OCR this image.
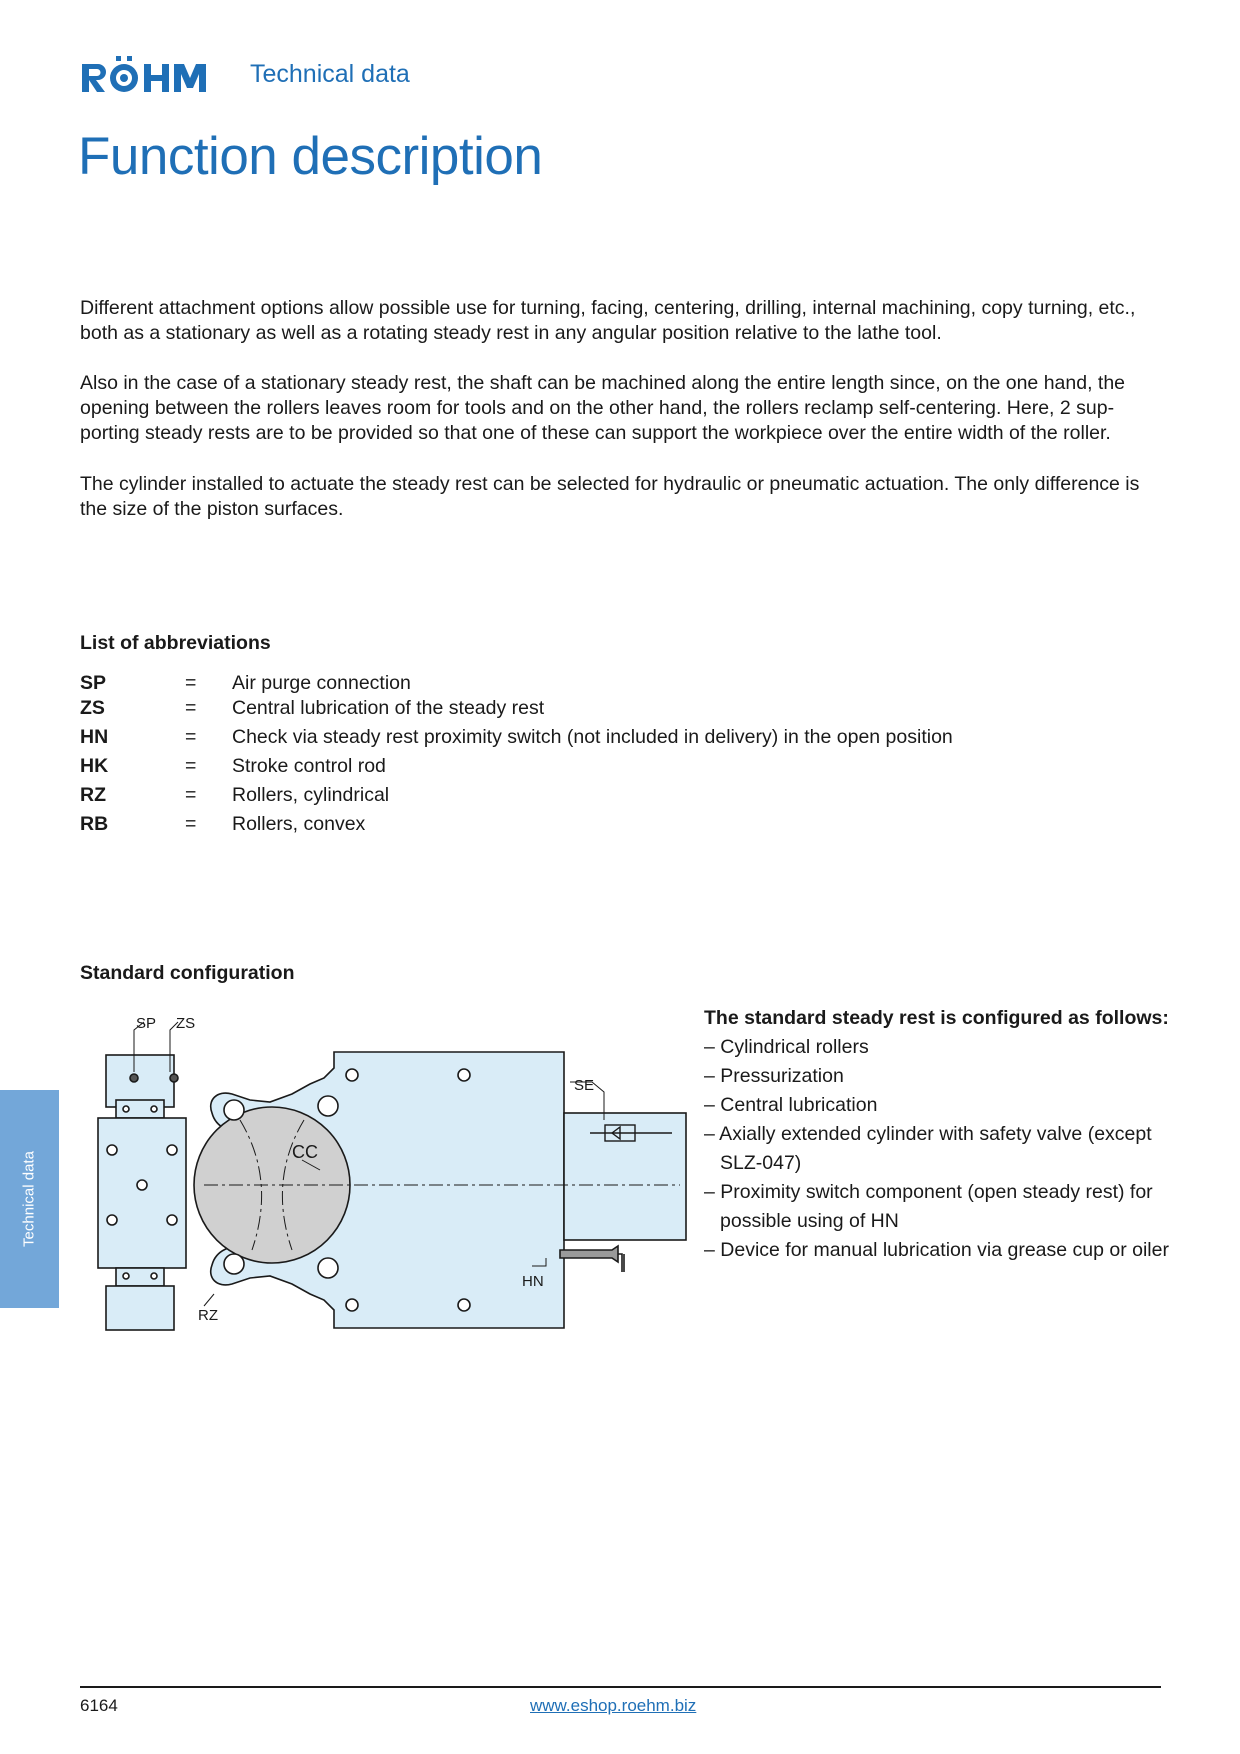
Technical data
Function description

Different attachment options allow possible use for turning, facing, centering, drilling, internal machining, copy turning, etc., both as a stationary as well as a rotating steady rest in any angular position relative to the lathe tool.

Also in the case of a stationary steady rest, the shaft can be machined along the entire length since, on the one hand, the opening between the rollers leaves room for tools and on the other hand, the rollers reclamp self-centering. Here, 2 sup-porting steady rests are to be provided so that one of these can support the workpiece over the entire width of the roller.

The cylinder installed to actuate the steady rest can be selected for hydraulic or pneumatic actuation. The only difference is the size of the piston surfaces.

List of abbreviations
SP	= Air purge connection
ZS	= Central lubrication of the steady rest
HN	= Check via steady rest proximity switch (not included in delivery) in the open position
HK	= Stroke control rod
RZ	= Rollers, cylindrical
RB	= Rollers, convex
Standard configuration
SP ZS
SE
CC
HN
RZ
The standard steady rest is configured as follows:
– Cylindrical rollers
– Pressurization
– Central lubrication
– Axially extended cylinder with safety valve (except SLZ-047)
– Proximity switch component (open steady rest) for possible using of HN
– Device for manual lubrication via grease cup or oiler
Technical data
6164	www.eshop.roehm.biz
